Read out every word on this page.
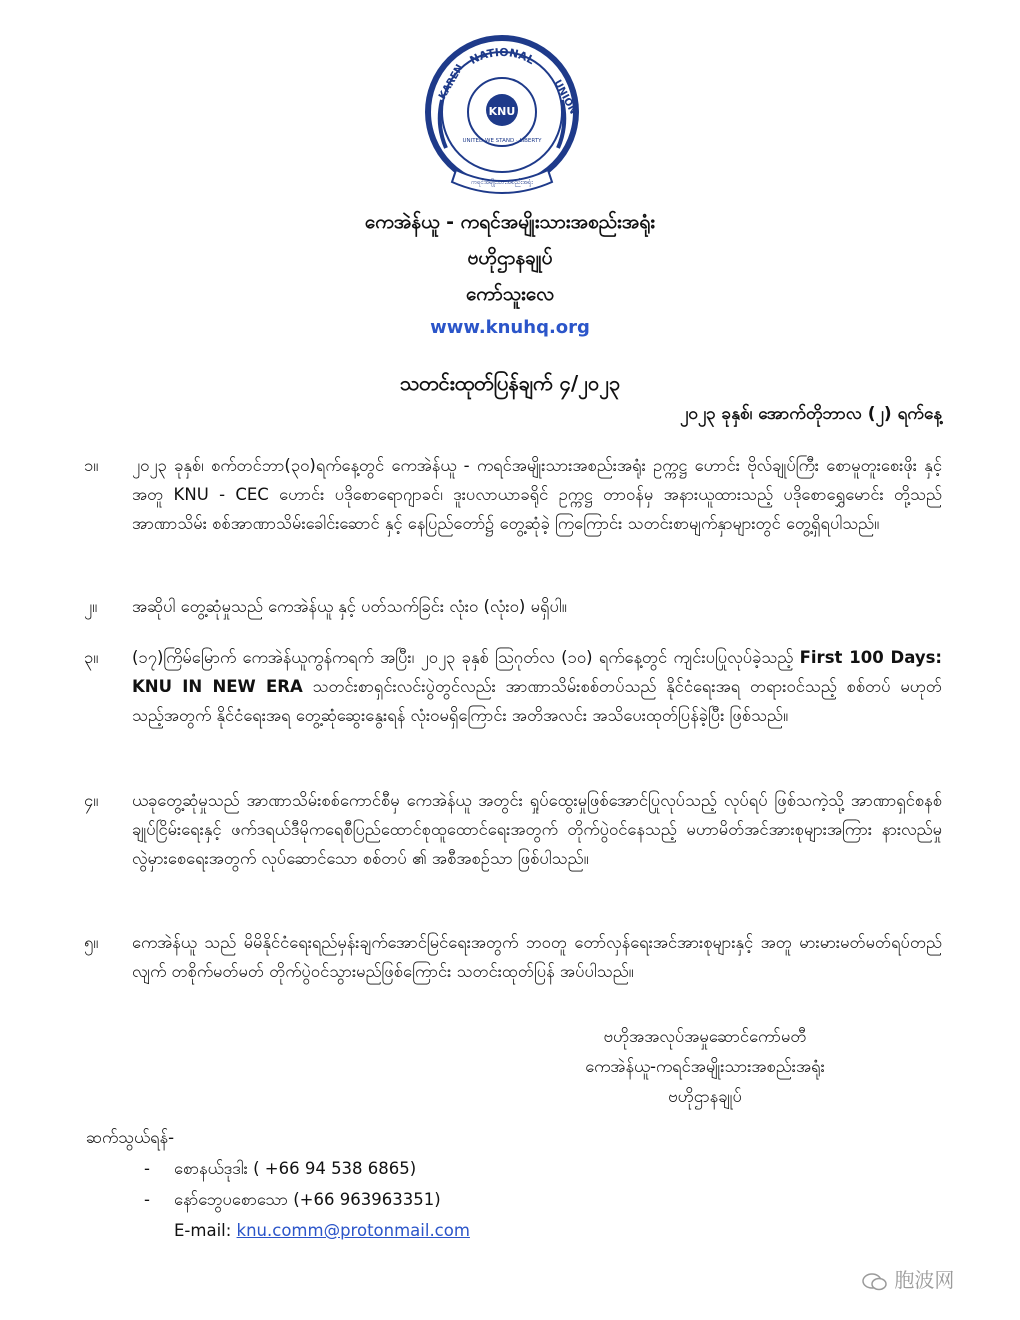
NATIONAL
KAREN	UNION
KNU
UNITED WE STAND · LIBERTY
ကရင်အမျိုးသားအစည်းအရုံး
ကေအဲန်ယူ - ကရင်အမျိုးသားအစည်းအရုံး
ဗဟိုဌာနချုပ်
ကော်သူးလေ
www.knuhq.org
သတင်းထုတ်ပြန်ချက် ၄/၂၀၂၃
၂၀၂၃ ခုနှစ်၊ အောက်တိုဘာလ (၂) ရက်နေ့
၁။	၂၀၂၃ ခုနှစ်၊ စက်တင်ဘာ(၃၀)ရက်နေ့တွင် ကေအဲန်ယူ - ကရင်အမျိုးသားအစည်းအရုံး ဥက္ကဋ္ဌ ဟောင်း ဗိုလ်ချုပ်ကြီး စောမူတူးစေးဖိုး နှင့် အတူ KNU - CEC ဟောင်း ပဒိုစောရောဂျာခင်၊ ဒူးပလာယာခရိုင် ဥက္ကဋ္ဌ တာဝန်မှ အနားယူထားသည့် ပဒိုစောရွှေမောင်း တို့သည် အာဏာသိမ်း စစ်အာဏာသိမ်းခေါင်းဆောင် နှင့် နေပြည်တော်၌ တွေ့ဆုံခဲ့ ကြကြောင်း သတင်းစာမျက်နှာများတွင် တွေ့ရှိရပါသည်။
၂။	အဆိုပါ တွေ့ဆုံမှုသည် ကေအဲန်ယူ နှင့် ပတ်သက်ခြင်း လုံး၀ (လုံး၀) မရှိပါ။
၃။	(၁၇)ကြိမ်မြောက် ကေအဲန်ယူကွန်ကရက် အပြီး၊ ၂၀၂၃ ခုနှစ် ဩဂုတ်လ (၁၀) ရက်နေ့တွင် ကျင်းပပြုလုပ်ခဲ့သည့် First 100 Days: KNU IN NEW ERA သတင်းစာရှင်းလင်းပွဲတွင်လည်း အာဏာသိမ်းစစ်တပ်သည် နိုင်ငံရေးအရ တရားဝင်သည့် စစ်တပ် မဟုတ် သည့်အတွက် နိုင်ငံရေးအရ တွေ့ဆုံဆွေးနွေးရန် လုံး၀မရှိကြောင်း အတိအလင်း အသိပေးထုတ်ပြန်ခဲ့ပြီး ဖြစ်သည်။
၄။	ယခုတွေ့ဆုံမှုသည် အာဏာသိမ်းစစ်ကောင်စီမှ ကေအဲန်ယူ အတွင်း ရှုပ်ထွေးမှုဖြစ်အောင်ပြုလုပ်သည့် လုပ်ရပ် ဖြစ်သကဲ့သို့ အာဏာရှင်စနစ်ချုပ်ငြိမ်းရေးနှင့် ဖက်ဒရယ်ဒီမိုကရေစီပြည်ထောင်စုထူထောင်ရေးအတွက် တိုက်ပွဲဝင်နေသည့် မဟာမိတ်အင်အားစုများအကြား နားလည်မှုလွဲမှားစေရေးအတွက် လုပ်ဆောင်သော စစ်တပ် ၏ အစီအစဉ်သာ ဖြစ်ပါသည်။
၅။	ကေအဲန်ယူ သည် မိမိနိုင်ငံရေးရည်မှန်းချက်အောင်မြင်ရေးအတွက် ဘ၀တူ တော်လှန်ရေးအင်အားစုများနှင့် အတူ မားမားမတ်မတ်ရပ်တည်လျက် တစိုက်မတ်မတ် တိုက်ပွဲဝင်သွားမည်ဖြစ်ကြောင်း သတင်းထုတ်ပြန် အပ်ပါသည်။
ဗဟိုအအလုပ်အမှုဆောင်ကော်မတီ
ကေအဲန်ယူ-ကရင်အမျိုးသားအစည်းအရုံး
ဗဟိုဌာနချုပ်
ဆက်သွယ်ရန်-
- စောနယ်ဒုဒါး ( +66 94 538 6865)
- နော်ဘွေပစောသော (+66 963963351)
E-mail: knu.comm@protonmail.com
胞波网
